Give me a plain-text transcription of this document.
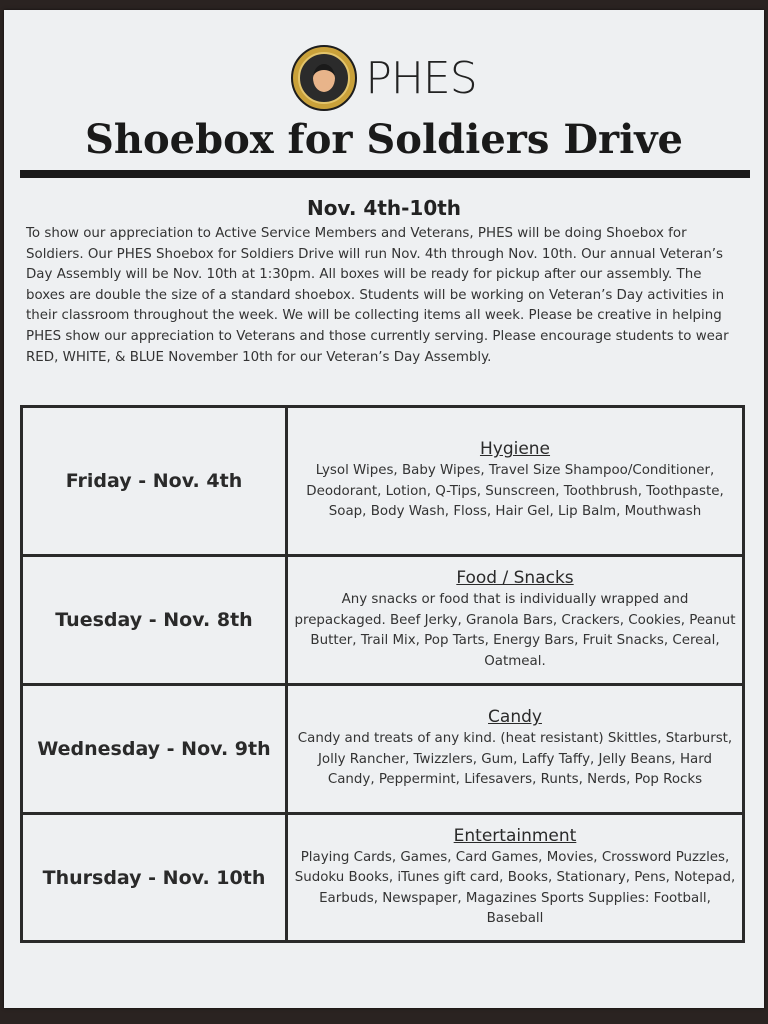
PHES
Shoebox for Soldiers Drive
Nov. 4th-10th
To show our appreciation to Active Service Members and Veterans, PHES will be doing Shoebox for Soldiers. Our PHES Shoebox for Soldiers Drive will run Nov. 4th through Nov. 10th. Our annual Veteran’s Day Assembly will be Nov. 10th at 1:30pm. All boxes will be ready for pickup after our assembly. The boxes are double the size of a standard shoebox. Students will be working on Veteran’s Day activities in their classroom throughout the week. We will be collecting items all week. Please be creative in helping PHES show our appreciation to Veterans and those currently serving. Please encourage students to wear RED, WHITE, & BLUE November 10th for our Veteran’s Day Assembly.
Friday - Nov. 4th
Hygiene
Lysol Wipes, Baby Wipes, Travel Size Shampoo/Conditioner, Deodorant, Lotion, Q-Tips, Sunscreen, Toothbrush, Toothpaste, Soap, Body Wash, Floss, Hair Gel, Lip Balm, Mouthwash
Tuesday - Nov. 8th
Food / Snacks
Any snacks or food that is individually wrapped and prepackaged. Beef Jerky, Granola Bars, Crackers, Cookies, Peanut Butter, Trail Mix, Pop Tarts, Energy Bars, Fruit Snacks, Cereal, Oatmeal.
Wednesday - Nov. 9th
Candy
Candy and treats of any kind. (heat resistant) Skittles, Starburst, Jolly Rancher, Twizzlers, Gum, Laffy Taffy, Jelly Beans, Hard Candy, Peppermint, Lifesavers, Runts, Nerds, Pop Rocks
Thursday - Nov. 10th
Entertainment
Playing Cards, Games, Card Games, Movies, Crossword Puzzles, Sudoku Books, iTunes gift card, Books, Stationary, Pens, Notepad, Earbuds, Newspaper, Magazines Sports Supplies: Football, Baseball
